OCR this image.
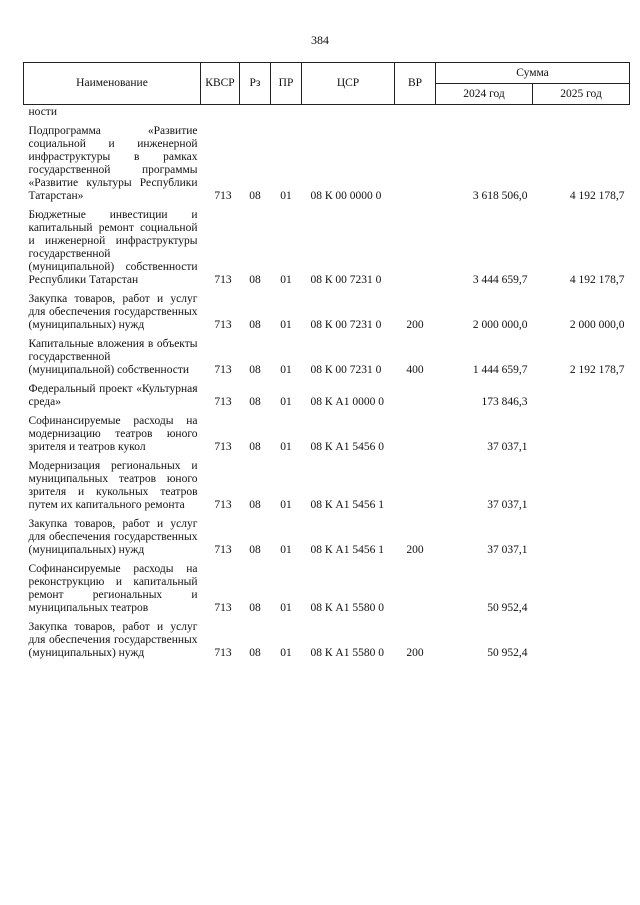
384
Наименование	КВСР	Рз	ПР	ЦСР	ВР	Сумма	
						2024 год	2025 год
ности							
Подпрограмма «Развитие социальной и инженерной инфраструктуры в рамках государственной программы «Развитие культуры Республики Татарстан»	713	08	01	08 К 00 0000 0		3 618 506,0	4 192 178,7
Бюджетные инвестиции и капитальный ремонт социальной и инженерной инфраструктуры государственной (муниципальной) собственности Республики Татарстан	713	08	01	08 К 00 7231 0		3 444 659,7	4 192 178,7
Закупка товаров, работ и услуг для обеспечения государственных (муниципальных) нужд	713	08	01	08 К 00 7231 0	200	2 000 000,0	2 000 000,0
Капитальные вложения в объекты государственной (муниципальной) собственности	713	08	01	08 К 00 7231 0	400	1 444 659,7	2 192 178,7
Федеральный проект «Культурная среда»	713	08	01	08 К А1 0000 0		173 846,3	
Софинансируемые расходы на модернизацию театров юного зрителя и театров кукол	713	08	01	08 К А1 5456 0		37 037,1	
Модернизация региональных и муниципальных театров юного зрителя и кукольных театров путем их капитального ремонта	713	08	01	08 К А1 5456 1		37 037,1	
Закупка товаров, работ и услуг для обеспечения государственных (муниципальных) нужд	713	08	01	08 К А1 5456 1	200	37 037,1	
Софинансируемые расходы на реконструкцию и капитальный ремонт региональных и муниципальных театров	713	08	01	08 К А1 5580 0		50 952,4	
Закупка товаров, работ и услуг для обеспечения государственных (муниципальных) нужд	713	08	01	08 К А1 5580 0	200	50 952,4	
